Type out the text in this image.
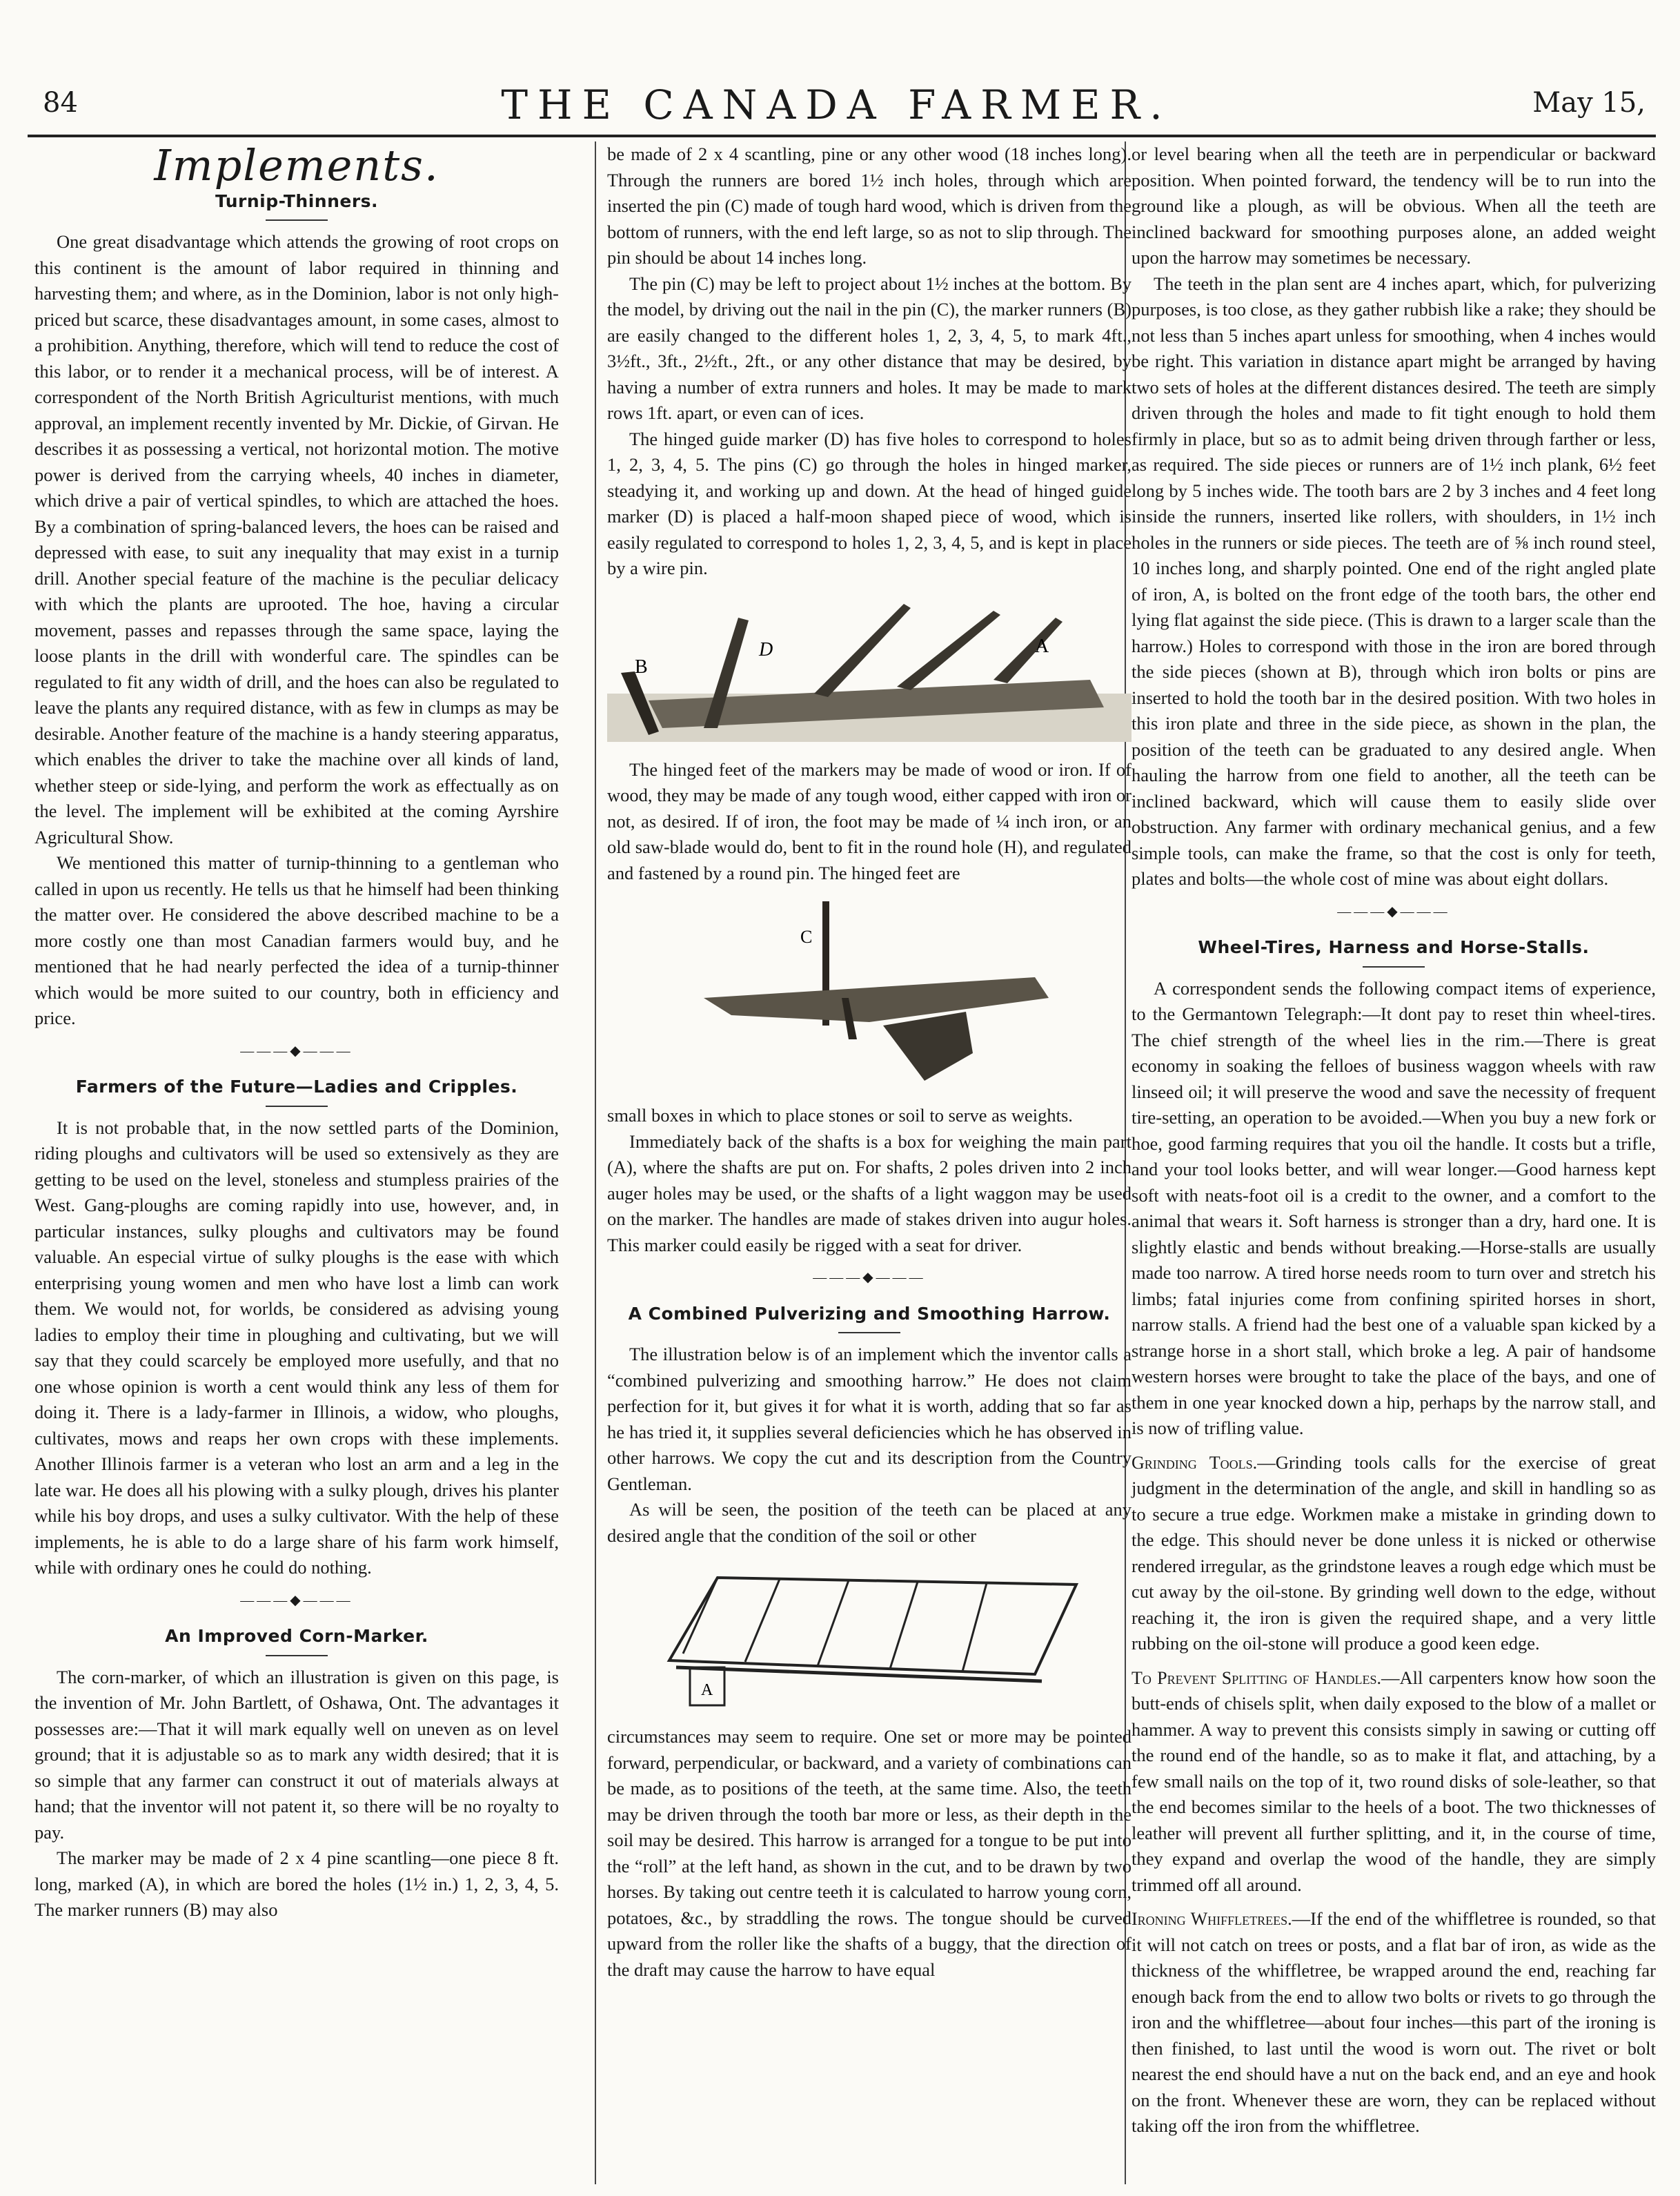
84	THE CANADA FARMER.	May 15,
Implements.
Turnip-Thinners.

One great disadvantage which attends the growing of root crops on this continent is the amount of labor required in thinning and harvesting them; and where, as in the Dominion, labor is not only high-priced but scarce, these disadvantages amount, in some cases, almost to a prohibition. Anything, therefore, which will tend to reduce the cost of this labor, or to render it a mechanical process, will be of interest. A correspondent of the North British Agriculturist mentions, with much approval, an implement recently invented by Mr. Dickie, of Girvan. He describes it as possessing a vertical, not horizontal motion. The motive power is derived from the carrying wheels, 40 inches in diameter, which drive a pair of vertical spindles, to which are attached the hoes. By a combination of spring-balanced levers, the hoes can be raised and depressed with ease, to suit any inequality that may exist in a turnip drill. Another special feature of the machine is the peculiar delicacy with which the plants are uprooted. The hoe, having a circular movement, passes and repasses through the same space, laying the loose plants in the drill with wonderful care. The spindles can be regulated to fit any width of drill, and the hoes can also be regulated to leave the plants any required distance, with as few in clumps as may be desirable. Another feature of the machine is a handy steering apparatus, which enables the driver to take the machine over all kinds of land, whether steep or side-lying, and perform the work as effectually as on the level. The implement will be exhibited at the coming Ayrshire Agricultural Show.

We mentioned this matter of turnip-thinning to a gentleman who called in upon us recently. He tells us that he himself had been thinking the matter over. He considered the above described machine to be a more costly one than most Canadian farmers would buy, and he mentioned that he had nearly perfected the idea of a turnip-thinner which would be more suited to our country, both in efficiency and price.

———◆———
Farmers of the Future—Ladies and Cripples.

It is not probable that, in the now settled parts of the Dominion, riding ploughs and cultivators will be used so extensively as they are getting to be used on the level, stoneless and stumpless prairies of the West. Gang-ploughs are coming rapidly into use, however, and, in particular instances, sulky ploughs and cultivators may be found valuable. An especial virtue of sulky ploughs is the ease with which enterprising young women and men who have lost a limb can work them. We would not, for worlds, be considered as advising young ladies to employ their time in ploughing and cultivating, but we will say that they could scarcely be employed more usefully, and that no one whose opinion is worth a cent would think any less of them for doing it. There is a lady-farmer in Illinois, a widow, who ploughs, cultivates, mows and reaps her own crops with these implements. Another Illinois farmer is a veteran who lost an arm and a leg in the late war. He does all his plowing with a sulky plough, drives his planter while his boy drops, and uses a sulky cultivator. With the help of these implements, he is able to do a large share of his farm work himself, while with ordinary ones he could do nothing.

———◆———
An Improved Corn-Marker.

The corn-marker, of which an illustration is given on this page, is the invention of Mr. John Bartlett, of Oshawa, Ont. The advantages it possesses are:—That it will mark equally well on uneven as on level ground; that it is adjustable so as to mark any width desired; that it is so simple that any farmer can construct it out of materials always at hand; that the inventor will not patent it, so there will be no royalty to pay.

The marker may be made of 2 x 4 pine scantling—one piece 8 ft. long, marked (A), in which are bored the holes (1½ in.) 1, 2, 3, 4, 5. The marker runners (B) may also

be made of 2 x 4 scantling, pine or any other wood (18 inches long). Through the runners are bored 1½ inch holes, through which are inserted the pin (C) made of tough hard wood, which is driven from the bottom of runners, with the end left large, so as not to slip through. The pin should be about 14 inches long.

The pin (C) may be left to project about 1½ inches at the bottom. By the model, by driving out the nail in the pin (C), the marker runners (B) are easily changed to the different holes 1, 2, 3, 4, 5, to mark 4ft., 3½ft., 3ft., 2½ft., 2ft., or any other distance that may be desired, by having a number of extra runners and holes. It may be made to mark rows 1ft. apart, or even can of ices.

The hinged guide marker (D) has five holes to correspond to holes 1, 2, 3, 4, 5. The pins (C) go through the holes in hinged marker, steadying it, and working up and down. At the head of hinged guide marker (D) is placed a half-moon shaped piece of wood, which is easily regulated to correspond to holes 1, 2, 3, 4, 5, and is kept in place by a wire pin.

B
D	A

The hinged feet of the markers may be made of wood or iron. If of wood, they may be made of any tough wood, either capped with iron or not, as desired. If of iron, the foot may be made of ¼ inch iron, or an old saw-blade would do, bent to fit in the round hole (H), and regulated and fastened by a round pin. The hinged feet are

C

small boxes in which to place stones or soil to serve as weights.

Immediately back of the shafts is a box for weighing the main part (A), where the shafts are put on. For shafts, 2 poles driven into 2 inch auger holes may be used, or the shafts of a light waggon may be used on the marker. The handles are made of stakes driven into augur holes. This marker could easily be rigged with a seat for driver.

———◆———
A Combined Pulverizing and Smoothing Harrow.

The illustration below is of an implement which the inventor calls a “combined pulverizing and smoothing harrow.” He does not claim perfection for it, but gives it for what it is worth, adding that so far as he has tried it, it supplies several deficiencies which he has observed in other harrows. We copy the cut and its description from the Country Gentleman.

As will be seen, the position of the teeth can be placed at any desired angle that the condition of the soil or other

A

circumstances may seem to require. One set or more may be pointed forward, perpendicular, or backward, and a variety of combinations can be made, as to positions of the teeth, at the same time. Also, the teeth may be driven through the tooth bar more or less, as their depth in the soil may be desired. This harrow is arranged for a tongue to be put into the “roll” at the left hand, as shown in the cut, and to be drawn by two horses. By taking out centre teeth it is calculated to harrow young corn, potatoes, &c., by straddling the rows. The tongue should be curved upward from the roller like the shafts of a buggy, that the direction of the draft may cause the harrow to have equal

or level bearing when all the teeth are in perpendicular or backward position. When pointed forward, the tendency will be to run into the ground like a plough, as will be obvious. When all the teeth are inclined backward for smoothing purposes alone, an added weight upon the harrow may sometimes be necessary.

The teeth in the plan sent are 4 inches apart, which, for pulverizing purposes, is too close, as they gather rubbish like a rake; they should be not less than 5 inches apart unless for smoothing, when 4 inches would be right. This variation in distance apart might be arranged by having two sets of holes at the different distances desired. The teeth are simply driven through the holes and made to fit tight enough to hold them firmly in place, but so as to admit being driven through farther or less, as required. The side pieces or runners are of 1½ inch plank, 6½ feet long by 5 inches wide. The tooth bars are 2 by 3 inches and 4 feet long inside the runners, inserted like rollers, with shoulders, in 1½ inch holes in the runners or side pieces. The teeth are of ⅝ inch round steel, 10 inches long, and sharply pointed. One end of the right angled plate of iron, A, is bolted on the front edge of the tooth bars, the other end lying flat against the side piece. (This is drawn to a larger scale than the harrow.) Holes to correspond with those in the iron are bored through the side pieces (shown at B), through which iron bolts or pins are inserted to hold the tooth bar in the desired position. With two holes in this iron plate and three in the side piece, as shown in the plan, the position of the teeth can be graduated to any desired angle. When hauling the harrow from one field to another, all the teeth can be inclined backward, which will cause them to easily slide over obstruction. Any farmer with ordinary mechanical genius, and a few simple tools, can make the frame, so that the cost is only for teeth, plates and bolts—the whole cost of mine was about eight dollars.

———◆———
Wheel-Tires, Harness and Horse-Stalls.

A correspondent sends the following compact items of experience, to the Germantown Telegraph:—It dont pay to reset thin wheel-tires. The chief strength of the wheel lies in the rim.—There is great economy in soaking the felloes of business waggon wheels with raw linseed oil; it will preserve the wood and save the necessity of frequent tire-setting, an operation to be avoided.—When you buy a new fork or hoe, good farming requires that you oil the handle. It costs but a trifle, and your tool looks better, and will wear longer.—Good harness kept soft with neats-foot oil is a credit to the owner, and a comfort to the animal that wears it. Soft harness is stronger than a dry, hard one. It is slightly elastic and bends without breaking.—Horse-stalls are usually made too narrow. A tired horse needs room to turn over and stretch his limbs; fatal injuries come from confining spirited horses in short, narrow stalls. A friend had the best one of a valuable span kicked by a strange horse in a short stall, which broke a leg. A pair of handsome western horses were brought to take the place of the bays, and one of them in one year knocked down a hip, perhaps by the narrow stall, and is now of trifling value.

Grinding Tools.—Grinding tools calls for the exercise of great judgment in the determination of the angle, and skill in handling so as to secure a true edge. Workmen make a mistake in grinding down to the edge. This should never be done unless it is nicked or otherwise rendered irregular, as the grindstone leaves a rough edge which must be cut away by the oil-stone. By grinding well down to the edge, without reaching it, the iron is given the required shape, and a very little rubbing on the oil-stone will produce a good keen edge.

To Prevent Splitting of Handles.—All carpenters know how soon the butt-ends of chisels split, when daily exposed to the blow of a mallet or hammer. A way to prevent this consists simply in sawing or cutting off the round end of the handle, so as to make it flat, and attaching, by a few small nails on the top of it, two round disks of sole-leather, so that the end becomes similar to the heels of a boot. The two thicknesses of leather will prevent all further splitting, and it, in the course of time, they expand and overlap the wood of the handle, they are simply trimmed off all around.

Ironing Whiffletrees.—If the end of the whiffletree is rounded, so that it will not catch on trees or posts, and a flat bar of iron, as wide as the thickness of the whiffletree, be wrapped around the end, reaching far enough back from the end to allow two bolts or rivets to go through the iron and the whiffletree—about four inches—this part of the ironing is then finished, to last until the wood is worn out. The rivet or bolt nearest the end should have a nut on the back end, and an eye and hook on the front. Whenever these are worn, they can be replaced without taking off the iron from the whiffletree.
